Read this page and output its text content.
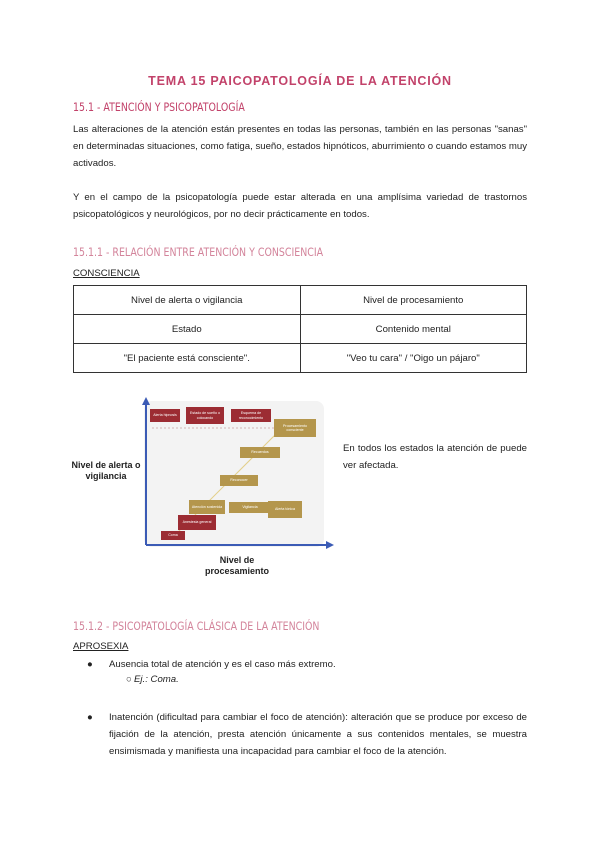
TEMA 15 PAICOPATOLOGÍA DE LA ATENCIÓN
15.1 - ATENCIÓN Y PSICOPATOLOGÍA
Las alteraciones de la atención están presentes en todas las personas, también en las personas "sanas" en determinadas situaciones, como fatiga, sueño, estados hipnóticos, aburrimiento o cuando estamos muy activados.
Y en el campo de la psicopatología puede estar alterada en una amplísima variedad de trastornos psicopatológicos y neurológicos, por no decir prácticamente en todos.
15.1.1 - RELACIÓN ENTRE ATENCIÓN Y CONSCIENCIA
CONSCIENCIA
Nivel de alerta o vigilancia	Nivel de procesamiento
Estado	Contenido mental
"El paciente está consciente".	"Veo tu cara" / "Oigo un pájaro"
Alerta hipnosis
Estado de sueño o colocando
Esquema de reconocimiento
Procesamiento consciente
Recuerdos
Reconocer
Atención sostenida	Vigilancia	Alerta tónica
Anestesia general
Coma
Nivel de alerta o vigilancia
Nivel de procesamiento
En todos los estados la atención de puede ver afectada.
15.1.2 - PSICOPATOLOGÍA CLÁSICA DE LA ATENCIÓN
APROSEXIA
● Ausencia total de atención y es el caso más extremo.
○ Ej.: Coma.
● Inatención (dificultad para cambiar el foco de atención): alteración que se produce por exceso de fijación de la atención, presta atención únicamente a sus contenidos mentales, se muestra ensimismada y manifiesta una incapacidad para cambiar el foco de la atención.
